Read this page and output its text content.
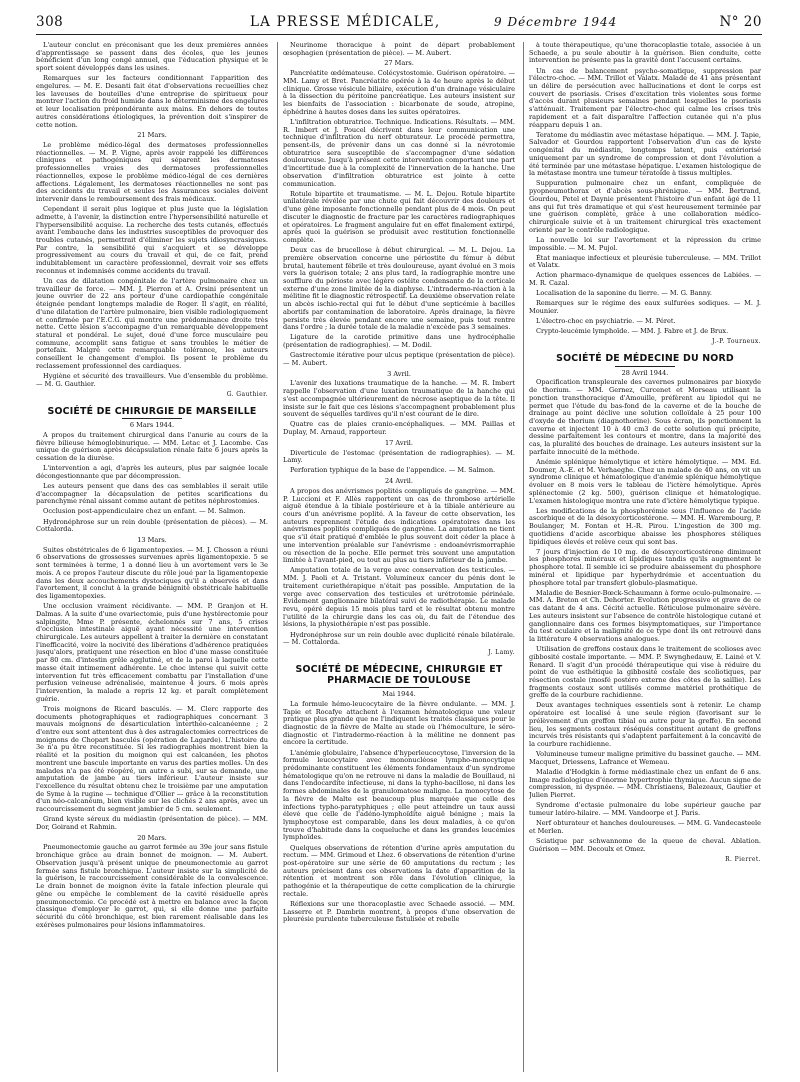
308	LA PRESSE MÉDICALE,	9 Décembre 1944	N° 20

L'auteur conclut en préconisant que les deux premières années d'apprentissage se passent dans des écoles, que les jeunes bénéficient d'un long congé annuel, que l'éducation physique et le sport soient développés dans les usines.

Remarques sur les facteurs conditionnant l'apparition des engelures. — M. E. Desanti fait état d'observations recueillies chez les laveuses de bouteilles d'une entreprise de spiritueux pour montrer l'action du froid humide dans le déterminisme des engelures et leur localisation prépondérante aux mains. En dehors de toutes autres considérations étiologiques, la prévention doit s'inspirer de cette notion.

21 Mars.

Le problème médico-légal des dermatoses professionnelles réactionnelles. — M. P. Vigne, après avoir rappelé les différences cliniques et pathogéniques qui séparent les dermatoses professionnelles vraies des dermatoses professionnelles réactionnelles, expose le problème médico-légal de ces dernières affections. Légalement, les dermatoses réactionnelles ne sont pas des accidents du travail et seules les Assurances sociales doivent intervenir dans le remboursement des frais médicaux.

Cependant il serait plus logique et plus juste que la législation admette, à l'avenir, la distinction entre l'hypersensibilité naturelle et l'hypersensibilité acquise. La recherche des tests cutanés, effectués avant l'embauche dans les industries susceptibles de provoquer des troubles cutanés, permettrait d'éliminer les sujets idiosyncrasiques. Par contre, la sensibilité qui s'acquiert et se développe progressivement au cours du travail et qui, de ce fait, prend indubitablement un caractère professionnel, devrait voir ses effets reconnus et indemnisés comme accidents du travail.

Un cas de dilatation congénitale de l'artère pulmonaire chez un travailleur de force. — MM. J. Pierron et A. Orsini présentent un jeune ouvrier de 22 ans porteur d'une cardiopathie congénitale éteignée pendant longtemps maladie de Roger. Il s'agit, en réalité, d'une dilatation de l'artère pulmonaire, bien visible radiologiquement et confirmée par l'E.C.G. qui montre une prédominance droite très nette. Cette lésion s'accompagne d'un remarquable développement statural et pondéral. Le sujet, doué d'une force musculaire peu commune, accomplit sans fatigue et sans troubles le métier de portefaix. Malgré cette remarquable tolérance, les auteurs conseillent le changement d'emploi. Ils posent le problème du reclassement professionnel des cardiaques.

Hygiène et sécurité des travailleurs. Vue d'ensemble du problème. — M. G. Gauthier.

G. Gauthier.

SOCIÉTÉ DE CHIRURGIE DE MARSEILLE

6 Mars 1944.

A propos du traitement chirurgical dans l'anurie au cours de la fièvre bilieuse hémoglobinurique. — MM. Letac et J. Lacombe. Cas unique de guérison après décapsulation rénale faite 6 jours après la cessation de la diurèse.

L'intervention a agi, d'après les auteurs, plus par saignée locale décongestionnante que par décompression.

Les auteurs pensent que dans des cas semblables il serait utile d'accompagner la décapsulation de petites scarifications du parenchyme rénal aissant comme autant de petites néphrostomies.

Occlusion post-appendiculaire chez un enfant. — M. Salmon.

Hydronéphrose sur un rein double (présentation de pièces). — M. Cottalorda.

13 Mars.

Suites obstétricales de 6 ligamentopexies. — M. J. Chosson a réuni 6 observations de grossesses survenues après ligamentopexie. 5 se sont terminées à terme, 1 a donné lieu à un avortement vers le 3e mois. A ce propos l'auteur discute du rôle joué par la ligamentopexie dans les deux accouchements dystociques qu'il a observés et dans l'avortement, il conclut à la grande bénignité obstétricale habituelle des ligamentopexies.

Une occlusion vraiment récidivante. — MM. P. Granjon et H. Dalmas. A la suite d'une ovariectomie, puis d'une hystérectomie pour salpingite, Mme P. présente, échelonnés sur 7 ans, 5 crises d'occlusion intestinale aiguë ayant nécessité une intervention chirurgicale. Les auteurs appellent à traiter la dernière en constatant l'inefficacité, voire la nocivité des libérations d'adhérence pratiquées jusqu'alors, pratiquent une résection en bloc d'une masse constituée par 80 cm. d'intestin grêle agglutiné, et de la paroi à laquelle cette masse était intimement adhérente. Le choc intense qui suivit cette intervention fut très efficacement combattu par l'installation d'une perfusion veineuse adrénalisée, maintenue 4 jours. 6 mois après l'intervention, la malade a repris 12 kg. et paraît complètement guérie.

Trois moignons de Ricard basculés. — M. Clerc rapporte des documents photographiques et radiographiques concernant 3 mauvais moignons de désarticulation interthéo-calcanéenne ; 2 d'entre eux sont attentent dus à des astragalectomies correctrices de moignons de Chopart basculés (opération de Lagarde). L'histoire du 3e n'a pu être reconstituée. Si les radiographies montrent bien la réalité et la position du moignon qui est calcanéen, les photos montrent une bascule importante en varus des parties molles. Un des malades n'a pas été réopéré, un autre a subi, sur sa demande, une amputation de jambe au tiers inférieur. L'auteur insiste sur l'excellence du résultat obtenu chez le troisième par une amputation de Syme à la rugine — technique d'Ollier — grâce à la reconstitution d'un néo-calcanéum, bien visible sur les clichés 2 ans après, avec un raccourcissement du segment jambier de 5 cm. seulement.

Grand kyste séreux du médiastin (présentation de pièce). — MM. Dor, Goirand et Rahmin.

20 Mars.

Pneumonectomie gauche au garrot fermée au 39e jour sans fistule bronchique grâce au drain bonnet de moignon. — M. Aubert. Observation jusqu'à présent unique de pneumonectomie au garrot fermée sans fistule bronchique. L'auteur insiste sur la simplicité de la guérison, le raccourcissement considérable de la convalescence. Le drain bonnet de moignon évite la fatale infection pleurale qui gêne ou empêche le comblement de la cavité résiduelle après pneumonectomie. Ce procédé est à mettre en balance avec la façon classique d'employer le garrot, qui, si elle donne une parfaite sécurité du côté bronchique, est bien rarement réalisable dans les exérèses pulmonaires pour lésions inflammatoires.

Neurinome thoracique à point de départ probablement œsophagien (présentation de pièce). — M. Aubert.

27 Mars.

Pancréatite œdémateuse. Colécystostomie. Guérison opératoire. — MM. Lamy et Bret. Pancréatite opérée à la 4e heure après le début clinique. Grosse vésicule biliaire, exécution d'un drainage vésiculaire à la dissection du péritoine pancréatique. Les auteurs insistent sur les bienfaits de l'association : bicarbonate de soude, atropine, éphédrine à hautes doses dans les suites opératoires.

L'infiltration obturatrice. Technique. Indications. Résultats. — MM. R. Imbert et J. Poucel décrivent dans leur communication une technique d'infiltration du nerf obturateur. Le procédé permettra, pensent-ils, de prévenir dans un cas donné si la névrotomie obturatrice sera susceptible de s'accompagner d'une sédation douloureuse. Jusqu'à présent cette intervention comportant une part d'incertitude due à la complexité de l'innervation de la hanche. Une observation d'infiltration obturatrice est jointe à cette communication.

Rotule bipartite et traumatisme. — M. L. Dejou. Rotule bipartite unilatérale révélée par une chute qui fait découvrir des douleurs et d'une gêne imposante fonctionnelle pendant plus de 4 mois. On peut discuter le diagnostic de fracture par les caractères radiographiques et opératoires. Le fragment angulaire fut en effet finalement extirpé, après quoi la guérison se produisit avec restitution fonctionnelle complète.

Deux cas de brucellose à début chirurgical. — M. L. Dejou. La première observation concerne une périostite du fémur à début brutal, hautement fébrile et très douloureuse, ayant évolué en 3 mois vers la guérison totale; 2 ans plus tard, la radiographie montre une soufflure du périoste avec légère ostéite condensante de la corticale externe d'une zone limitée de la diaphyse. L'intradermo-réaction à la mélitine fit le diagnostic rétrospectif. La deuxième observation relate un abcès ischio-rectal qui fut le début d'une septicémie à bacilles abortifs par contamination de laboratoire. Après drainage, la fièvre persiste très élevée pendant encore une semaine, puis tout rentre dans l'ordre ; la durée totale de la maladie n'excède pas 3 semaines.

Ligature de la carotide primitive dans une hydrocéphalie (présentation de radiographies). — M. Dodil.

Gastrectomie itérative pour ulcus peptique (présentation de pièce). — M. Aubert.

3 Avril.

L'avenir des luxations traumatique de la hanche. — M. R. Imbert rappelle l'observation d'une luxation traumatique de la hanche qui s'est accompagnée ultérieurement de nécrose aseptique de la tête. Il insiste sur le fait que ces lésions s'accompagnent probablement plus souvent de séquelles tardives qu'il n'est courant de le dire.

Quatre cas de plaies cranio-encéphaliques. — MM. Paillas et Duplay, M. Arnaud, rapporteur.

17 Avril.

Diverticule de l'estomac (présentation de radiographies). — M. Lamy.

Perforation typhique de la base de l'appendice. — M. Salmon.

24 Avril.

A propos des anévrismes poplités compliqués de gangrène. — MM. P. Luccioni et F. Allès rapportent un cas de thrombose artérielle aiguë étendue à la tibiale postérieure et à la tibiale antérieure au cours d'un anévrisme poplité. A la faveur de cette observation, les auteurs reprennent l'étude des indications opératoires dans les anévrismes poplités compliqués de gangrène. La amputation ne tient que s'il était pratiqué d'emblée le plus souvent doit céder la place à une intervention préalable sur l'anévrisme : endoanévrismorraphie ou résection de la poche. Elle permet très souvent une amputation limitée à l'avant-pied, ou tout au plus au tiers inférieur de la jambe.

Amputation totale de la verge avec conservation des testicules. — MM. J. Paoli et A. Tristant. Volumineux cancer du pénis dont le traitement curiethérapique n'était pas possible. Amputation de la verge avec conservation des testicules et urétrotomie périnéale. Evidement ganglionnaire bilatéral suivi de radiothérapie. Le malade revu, opéré depuis 15 mois plus tard et le résultat obtenu montre l'utilité de la chirurgie dans les cas où, du fait de l'étendue des lésions, la physiothérapie n'est pas possible.

Hydronéphrose sur un rein double avec duplicité rénale bilatérale. — M. Cottalorda.

J. Lamy.

SOCIÉTÉ DE MÉDECINE, CHIRURGIE ET PHARMACIE DE TOULOUSE

Mai 1944.

La formule hémo-leucocytaire de la fièvre ondulante. — MM. J. Tapie et Rocafye attachent à l'examen hématologique une valeur pratique plus grande que ne l'indiquent les traités classiques pour le diagnostic de la fièvre de Malte au stade où l'hémoculture, le séro-diagnostic et l'intradermo-réaction à la mélitine ne donnent pas encore la certitude.

L'anémie globulaire, l'absence d'hyperleucocytose, l'inversion de la formule leucocytaire avec mononucléose lympho-monocytique prédominante constituent les éléments fondamentaux d'un syndrome hématologique qu'on ne retrouve ni dans la maladie de Bouillaud, ni dans l'endocardite infectieuse, ni dans la typho-bacillose, ni dans les formes abdominales de la granulomatose maligne. La monocytose de la fièvre de Malte est beaucoup plus marquée que celle des infections typho-paratyphiques ; elle peut atteindre un taux aussi élevé que celle de l'adéno-lymphoïdite aiguë bénigne ; mais la lymphocytose est comparable, dans les deux maladies, à ce qu'on trouve d'habitude dans la coqueluche et dans les grandes leucémies lymphoïdes.

Quelques observations de rétention d'urine après amputation du rectum. — MM. Grimoud et Lhez. 6 observations de rétention d'urine post-opératoire sur une série de 60 amputations du rectum ; les auteurs précisent dans ces observations la date d'apparition de la rétention et montrent son rôle dans l'évolution clinique, la pathogénie et la thérapeutique de cette complication de la chirurgie rectale.

Réflexions sur une thoracoplastie avec Schaede associé. — MM. Lasserre et P. Dambrin montrent, à propos d'une observation de pleurésie purulente tuberculeuse fistulisée et rebelle

à toute thérapeutique, qu'une thoracoplastie totale, associée à un Schaede, a pu seule aboutir à la guérison. Bien conduite, cette intervention ne présente pas la gravité dont l'accusent certains.

Un cas de balancement psycho-somatique, suppression par l'électro-choc. — MM. Trillot et Valatx. Malade de 41 ans présentant un délire de persécution avec hallucinations et dont le corps est couvert de psoriasis. Crises d'excitation très violentes sous forme d'accès durant plusieurs semaines pendant lesquelles le psoriasis s'atténuait. Traitement par l'électro-choc qui calme les crises très rapidement et a fait disparaître l'affection cutanée qui n'a plus réapparu depuis 1 an.

Teratome du médiastin avec métastase hépatique. — MM. J. Tapie, Salvador et Gourdou rapportent l'observation d'un cas de kyste congénital du médiastin, longtemps latent, puis extériorisé uniquement par un syndrome de compression et dont l'évolution a été terminée par une métastase hépatique. L'examen histologique de la métastase montra une tumeur tératoïde à tissus multiples.

Suppuration pulmonaire chez un enfant, compliquée de pyopneumothorax et d'abcès sous-phrénique. — MM. Bertrand, Gourdou, Petel et Daynie présentent l'histoire d'un enfant âgé de 11 ans qui fut très dramatique et qui s'est heureusement terminée par une guérison complète, grâce à une collaboration médico-chirurgicale suivie et à un traitement chirurgical très exactement orienté par le contrôle radiologique.

La nouvelle loi sur l'avortement et la répression du crime impossible. — M. M. Pujol.

État maniaque infectieux et pleurésie tuberculeuse. — MM. Trillot et Valatx.

Action pharmaco-dynamique de quelques essences de Labiées. — M. R. Cazal.

Localisation de la saponine du lierre. — M. G. Banny.

Remarques sur le régime des eaux sulfurées sodiques. — M. J. Mounier.

L'électro-choc en psychiatrie. — M. Péret.

Crypto-leucémie lymphoïde. — MM. J. Fabre et J. de Brux.

J.-P. Tourneux.

SOCIÉTÉ DE MÉDECINE DU NORD

28 Avril 1944.

Opacification transpleurale des cavernes pulmonaires par bioxyde de thorium. — MM. Gernez, Curcenet et Morseau utilisant la ponction transthoracique d'Amouille, préfèrent au lipiodol qui ne permet que l'étude du bas-fond de la caverne et de la bouche de drainage au point déclive une solution colloïdale à 25 pour 100 d'oxyde de thorium (diagnothorine). Sous écran, ils ponctionnent la caverne et injectent 10 à 40 cm3 de cette solution qui précipite, dessine parfaitement les contours et montre, dans la majorité des cas, la pluralité des bouches de drainage. Les auteurs insistent sur la parfaite innocuité de la méthode.

Anémie splénique hémolytique et ictère hémolytique. — MM. Ed. Doumer, A.-E. et M. Verhaeghe. Chez un malade de 40 ans, on vit un syndrome clinique et hématologique d'anémie splénique hémolytique évoluer en 8 mois vers le tableau de l'ictère hémolytique. Après splénectomie (2 kg. 500), guérison clinique et hématologique. L'examen histologique montra une rate d'ictère hémolytique typique.

Les modifications de la phosphorémie sous l'influence de l'acide ascorbique et de la désoxycorticostérone. — MM. H. Warembourg, P. Boulanger, M. Fontan et H.-R. Pirou. L'ingestion de 300 mg. quotidiens d'acide ascorbique abaisse les phosphores stéliques lipidiques élevés et relève ceux qui sont bas.

7 jours d'injection de 10 mg. de désoxycorticostérone diminuent les phosphores minéraux et lipidiques tandis qu'ils augmentent le phosphore total. Il semble ici se produire abaissement du phosphore minéral et lipidique par hyperhydrémie et accentuation du phosphore total par transfert globulo-plasmatique.

Maladie de Besnier-Bœck-Schaumann à forme oculo-pulmonaire. — MM. A. Breton et Ch. Dehorter. Evolution progressive et grave de ce cas datant de 4 ans. Cécité actuelle. Réticulose pulmonaire sévère. Les auteurs insistent sur l'absence de contrôle histologique cutané et ganglionnaire dans ces formes bisymptomatiques, sur l'importance du test oculaire et la malignité de ce type dont ils ont retrouvé dans la littérature 4 observations analogues.

Utilisation de greffons costaux dans le traitement de scolioses avec gibbosité costale importante. — MM. P. Swynghedauw, E. Lainé et V. Renard. Il s'agit d'un procédé thérapeutique qui vise à réduire du point de vue esthétique la gibbosité costale des scoliotiques, par résection costale (mosfé postéro externe des côtes de la saillie). Les fragments costaux sont utilisés comme matériel prothétique de greffe de la courbure rachidienne.

Deux avantages techniques essentiels sont à retenir. Le champ opératoire est localisé à une seule région (favorisant sur le prélèvement d'un greffon tibial ou autre pour la greffe). En second lieu, les segments costaux réséqués constituent autant de greffons incurvés très résistants qui s'adaptent parfaitement à la concavité de la courbure rachidienne.

Volumineuse tumeur maligne primitive du bassinet gauche. — MM. Macquet, Driessens, Lafrance et Wemeau.

Maladie d'Hodgkin à forme médiastinale chez un enfant de 6 ans. Image radiologique d'énorme hypertrophie thymique. Aucun signe de compression, ni dyspnée. — MM. Christiaens, Balezeaux, Gautier et Julien Pierret.

Syndrome d'ectasie pulmonaire du lobe supérieur gauche par tumeur latéro-hilaire. — MM. Vandoorpe et J. Paris.

Nerf obturateur et hanches douloureuses. — MM. G. Vandecasteele et Merlen.

Sciatique par schwannome de la queue de cheval. Ablation. Guérison — MM. Decoulx et Omez.

R. Pierret.
